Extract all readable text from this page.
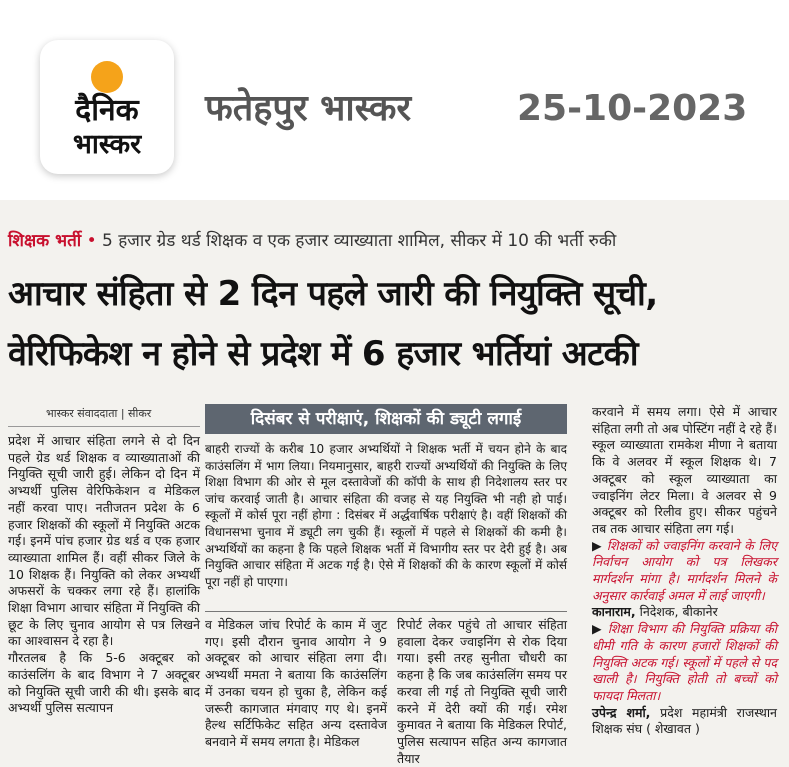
दैनिक
भास्कर
फतेहपुर भास्कर	25-10-2023
शिक्षक भर्ती • 5 हजार ग्रेड थर्ड शिक्षक व एक हजार व्याख्याता शामिल, सीकर में 10 की भर्ती रुकी
आचार संहिता से 2 दिन पहले जारी की नियुक्ति सूची,
वेरिफिकेश न होने से प्रदेश में 6 हजार भर्तियां अटकी
भास्कर संवाददाता | सीकर

प्रदेश में आचार संहिता लगने से दो दिन पहले ग्रेड थर्ड शिक्षक व व्याख्याताओं की नियुक्ति सूची जारी हुई। लेकिन दो दिन में अभ्यर्थी पुलिस वेरिफिकेशन व मेडिकल नहीं करवा पाए। नतीजतन प्रदेश के 6 हजार शिक्षकों की स्कूलों में नियुक्ति अटक गई। इनमें पांच हजार ग्रेड थर्ड व एक हजार व्याख्याता शामिल हैं। वहीं सीकर जिले के 10 शिक्षक हैं। नियुक्ति को लेकर अभ्यर्थी अफसरों के चक्कर लगा रहे हैं। हालांकि शिक्षा विभाग आचार संहिता में नियुक्ति की छूट के लिए चुनाव आयोग से पत्र लिखने का आश्वासन दे रहा है।

गौरतलब है कि 5-6 अक्टूबर को काउंसलिंग के बाद विभाग ने 7 अक्टूबर को नियुक्ति सूची जारी की थी। इसके बाद अभ्यर्थी पुलिस सत्यापन

दिसंबर से परीक्षाएं, शिक्षकों की ड्यूटी लगाई
बाहरी राज्यों के करीब 10 हजार अभ्यर्थियों ने शिक्षक भर्ती में चयन होने के बाद काउंसलिंग में भाग लिया। नियमानुसार, बाहरी राज्यों अभ्यर्थियों की नियुक्ति के लिए शिक्षा विभाग की ओर से मूल दस्तावेजों की कॉपी के साथ ही निदेशालय स्तर पर जांच करवाई जाती है। आचार संहिता की वजह से यह नियुक्ति भी नही हो पाई। स्कूलों में कोर्स पूरा नहीं होगा : दिसंबर में अर्द्धवार्षिक परीक्षाएं है। वहीं शिक्षकों की विधानसभा चुनाव में ड्यूटी लग चुकी हैं। स्कूलों में पहले से शिक्षकों की कमी है। अभ्यर्थियों का कहना है कि पहले शिक्षक भर्ती में विभागीय स्तर पर देरी हुई है। अब नियुक्ति आचार संहिता में अटक गई है। ऐसे में शिक्षकों की के कारण स्कूलों में कोर्स पूरा नहीं हो पाएगा।
व मेडिकल जांच रिपोर्ट के काम में जुट गए। इसी दौरान चुनाव आयोग ने 9 अक्टूबर को आचार संहिता लगा दी। अभ्यर्थी ममता ने बताया कि काउंसलिंग में उनका चयन हो चुका है, लेकिन कई जरूरी कागजात मंगवाए गए थे। इनमें हैल्थ सर्टिफिकेट सहित अन्य दस्तावेज बनवाने में समय लगता है। मेडिकल
रिपोर्ट लेकर पहुंचे तो आचार संहिता हवाला देकर ज्वाइनिंग से रोक दिया गया। इसी तरह सुनीता चौधरी का कहना है कि जब काउंसलिंग समय पर करवा ली गई तो नियुक्ति सूची जारी करने में देरी क्यों की गई। रमेश कुमावत ने बताया कि मेडिकल रिपोर्ट, पुलिस सत्यापन सहित अन्य कागजात तैयार

करवाने में समय लगा। ऐसे में आचार संहिता लगी तो अब पोस्टिंग नहीं दे रहे हैं। स्कूल व्याख्याता रामकेश मीणा ने बताया कि वे अलवर में स्कूल शिक्षक थे। 7 अक्टूबर को स्कूल व्याख्याता का ज्वाइनिंग लेटर मिला। वे अलवर से 9 अक्टूबर को रिलीव हुए। सीकर पहुंचने तब तक आचार संहिता लग गई।

▶ शिक्षकों को ज्वाइनिंग करवाने के लिए निर्वाचन आयोग को पत्र लिखकर मार्गदर्शन मांगा है। मार्गदर्शन मिलने के अनुसार कार्रवाई अमल में लाई जाएगी।

कानाराम, निदेशक, बीकानेर

▶ शिक्षा विभाग की नियुक्ति प्रक्रिया की धीमी गति के कारण हजारों शिक्षकों की नियुक्ति अटक गई। स्कूलों में पहले से पद खाली है। नियुक्ति होती तो बच्चों को फायदा मिलता।

उपेन्द्र शर्मा, प्रदेश महामंत्री राजस्थान शिक्षक संघ ( शेखावत )
